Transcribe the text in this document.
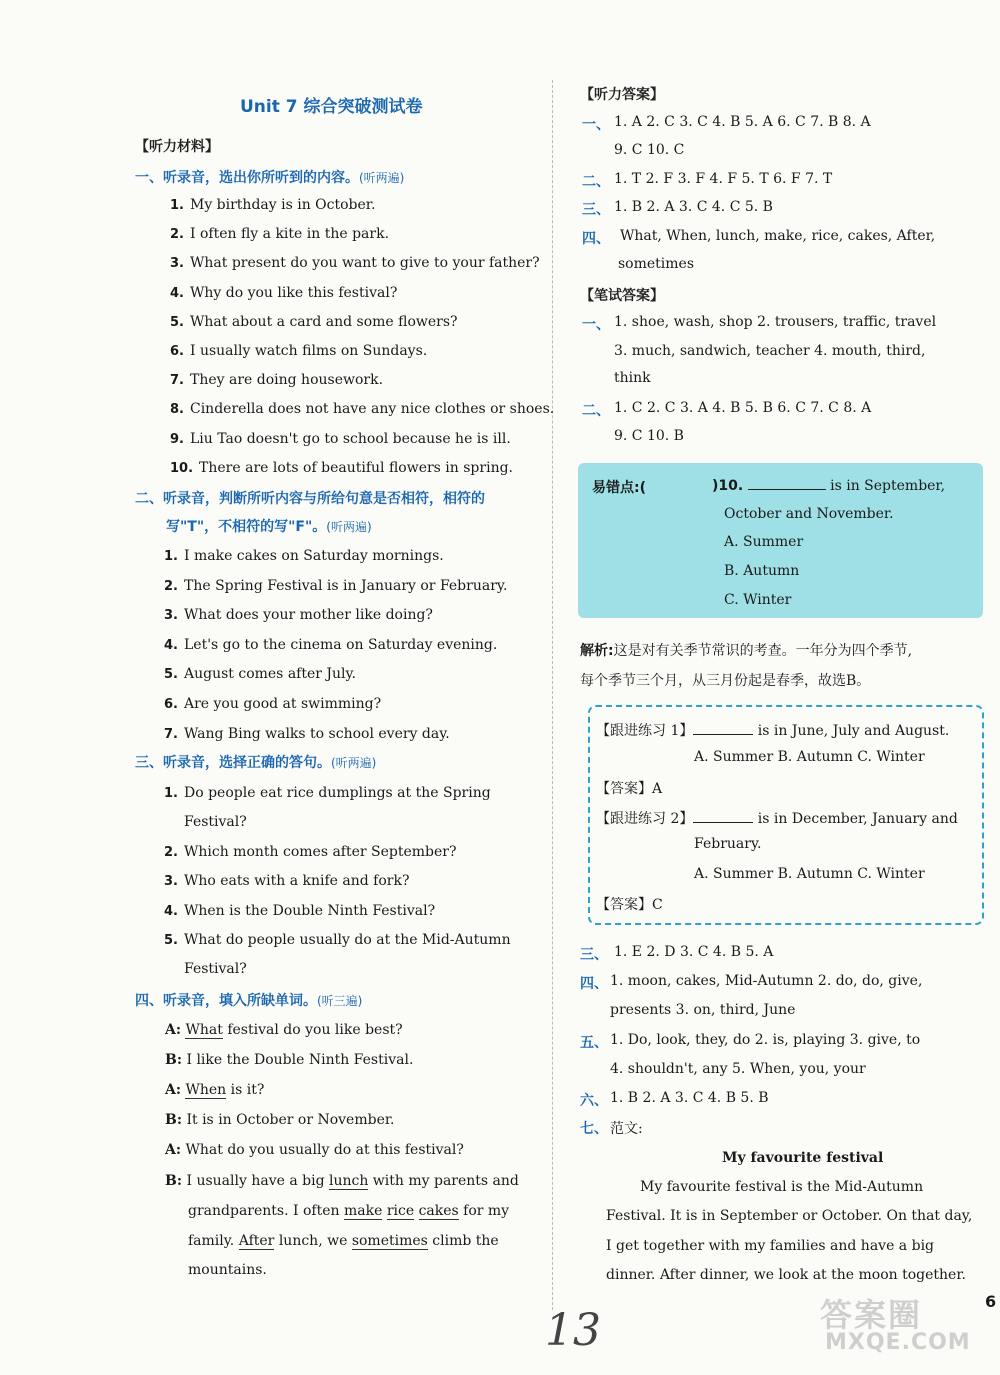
Unit 7 综合突破测试卷
【听力材料】
一、听录音，选出你所听到的内容。(听两遍)
1. My birthday is in October.
2. I often fly a kite in the park.
3. What present do you want to give to your father?
4. Why do you like this festival?
5. What about a card and some flowers?
6. I usually watch films on Sundays.
7. They are doing housework.
8. Cinderella does not have any nice clothes or shoes.
9. Liu Tao doesn't go to school because he is ill.
10. There are lots of beautiful flowers in spring.
二、听录音，判断所听内容与所给句意是否相符，相符的
写"T"，不相符的写"F"。(听两遍)
1. I make cakes on Saturday mornings.
2. The Spring Festival is in January or February.
3. What does your mother like doing?
4. Let's go to the cinema on Saturday evening.
5. August comes after July.
6. Are you good at swimming?
7. Wang Bing walks to school every day.
三、听录音，选择正确的答句。(听两遍)
1. Do people eat rice dumplings at the Spring
Festival?
2. Which month comes after September?
3. Who eats with a knife and fork?
4. When is the Double Ninth Festival?
5. What do people usually do at the Mid-Autumn
Festival?
四、听录音，填入所缺单词。(听三遍)
A: What festival do you like best?
B: I like the Double Ninth Festival.
A: When is it?
B: It is in October or November.
A: What do you usually do at this festival?
B: I usually have a big lunch with my parents and
grandparents. I often make rice cakes for my
family. After lunch, we sometimes climb the
mountains.
【听力答案】
一、 1. A 2. C 3. C 4. B 5. A 6. C 7. B 8. A
9. C 10. C
二、 1. T 2. F 3. F 4. F 5. T 6. F 7. T
三、 1. B 2. A 3. C 4. C 5. B
四、 What, When, lunch, make, rice, cakes, After,
sometimes
【笔试答案】
一、 1. shoe, wash, shop 2. trousers, traffic, travel
3. much, sandwich, teacher 4. mouth, third,
think
二、 1. C 2. C 3. A 4. B 5. B 6. C 7. C 8. A
9. C 10. B
易错点:(	)10.	is in September,
October and November.
A. Summer
B. Autumn
C. Winter
解析:这是对有关季节常识的考查。一年分为四个季节,
每个季节三个月，从三月份起是春季，故选B。
【跟进练习 1】	is in June, July and August.
A. Summer B. Autumn C. Winter
【答案】A
【跟进练习 2】	is in December, January and
February.
A. Summer B. Autumn C. Winter
【答案】C
三、 1. E 2. D 3. C 4. B 5. A
四、 1. moon, cakes, Mid-Autumn 2. do, do, give,
presents 3. on, third, June
五、 1. Do, look, they, do 2. is, playing 3. give, to
4. shouldn't, any 5. When, you, your
六、 1. B 2. A 3. C 4. B 5. B
七、 范文:
My favourite festival
My favourite festival is the Mid-Autumn
Festival. It is in September or October. On that day,
I get together with my families and have a big
dinner. After dinner, we look at the moon together.
13
6
答案圈
MXQE.COM
